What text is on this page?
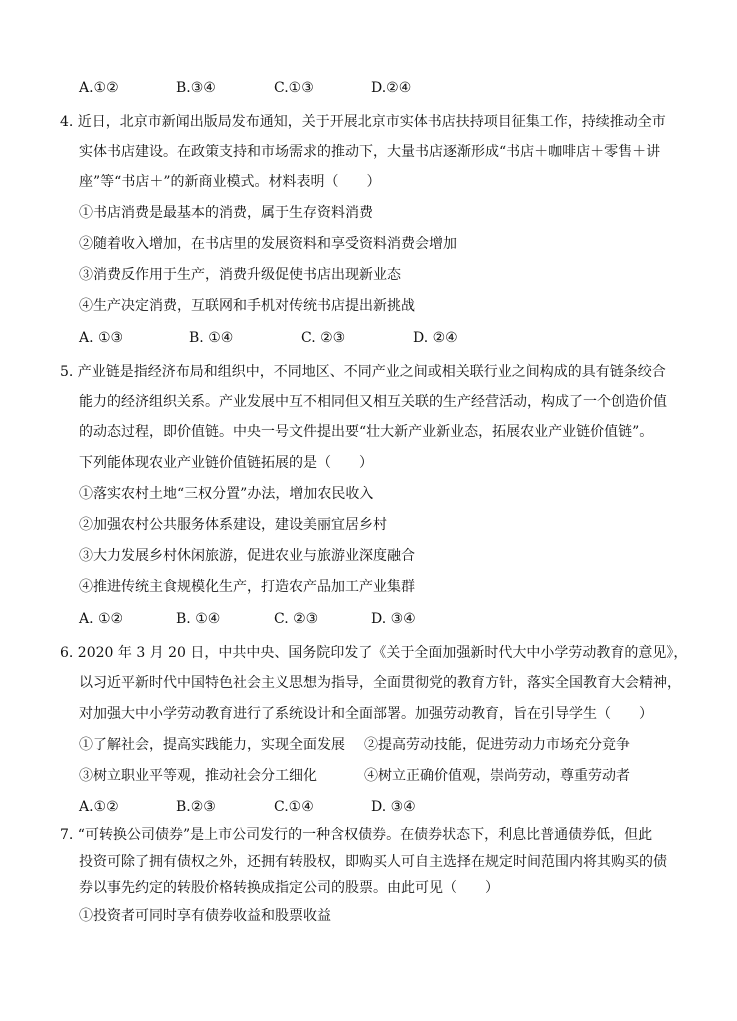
A.①②	B.③④	C.①③	D.②④
4. 近日，北京市新闻出版局发布通知，关于开展北京市实体书店扶持项目征集工作，持续推动全市
实体书店建设。在政策支持和市场需求的推动下，大量书店逐渐形成“书店＋咖啡店＋零售＋讲
座”等“书店＋”的新商业模式。材料表明（　　）
①书店消费是最基本的消费，属于生存资料消费
②随着收入增加，在书店里的发展资料和享受资料消费会增加
③消费反作用于生产，消费升级促使书店出现新业态
④生产决定消费，互联网和手机对传统书店提出新挑战
A. ①③	B. ①④	C. ②③	D. ②④
5. 产业链是指经济布局和组织中，不同地区、不同产业之间或相关联行业之间构成的具有链条绞合
能力的经济组织关系。产业发展中互不相同但又相互关联的生产经营活动，构成了一个创造价值
的动态过程，即价值链。中央一号文件提出要“壮大新产业新业态，拓展农业产业链价值链”。
下列能体现农业产业链价值链拓展的是（　　）
①落实农村土地“三权分置”办法，增加农民收入
②加强农村公共服务体系建设，建设美丽宜居乡村
③大力发展乡村休闲旅游，促进农业与旅游业深度融合
④推进传统主食规模化生产，打造农产品加工产业集群
A. ①②	B. ①④	C. ②③	D. ③④
6. 2020 年 3 月 20 日，中共中央、国务院印发了《关于全面加强新时代大中小学劳动教育的意见》，
以习近平新时代中国特色社会主义思想为指导，全面贯彻党的教育方针，落实全国教育大会精神，
对加强大中小学劳动教育进行了系统设计和全面部署。加强劳动教育，旨在引导学生（　　）
①了解社会，提高实践能力，实现全面发展 ②提高劳动技能，促进劳动力市场充分竞争
③树立职业平等观，推动社会分工细化	④树立正确价值观，崇尚劳动，尊重劳动者
A.①②	B.②③	C.①④	D. ③④
7. “可转换公司债券”是上市公司发行的一种含权债券。在债券状态下，利息比普通债券低，但此
投资可除了拥有债权之外，还拥有转股权，即购买人可自主选择在规定时间范围内将其购买的债
券以事先约定的转股价格转换成指定公司的股票。由此可见（　　）
①投资者可同时享有债券收益和股票收益
